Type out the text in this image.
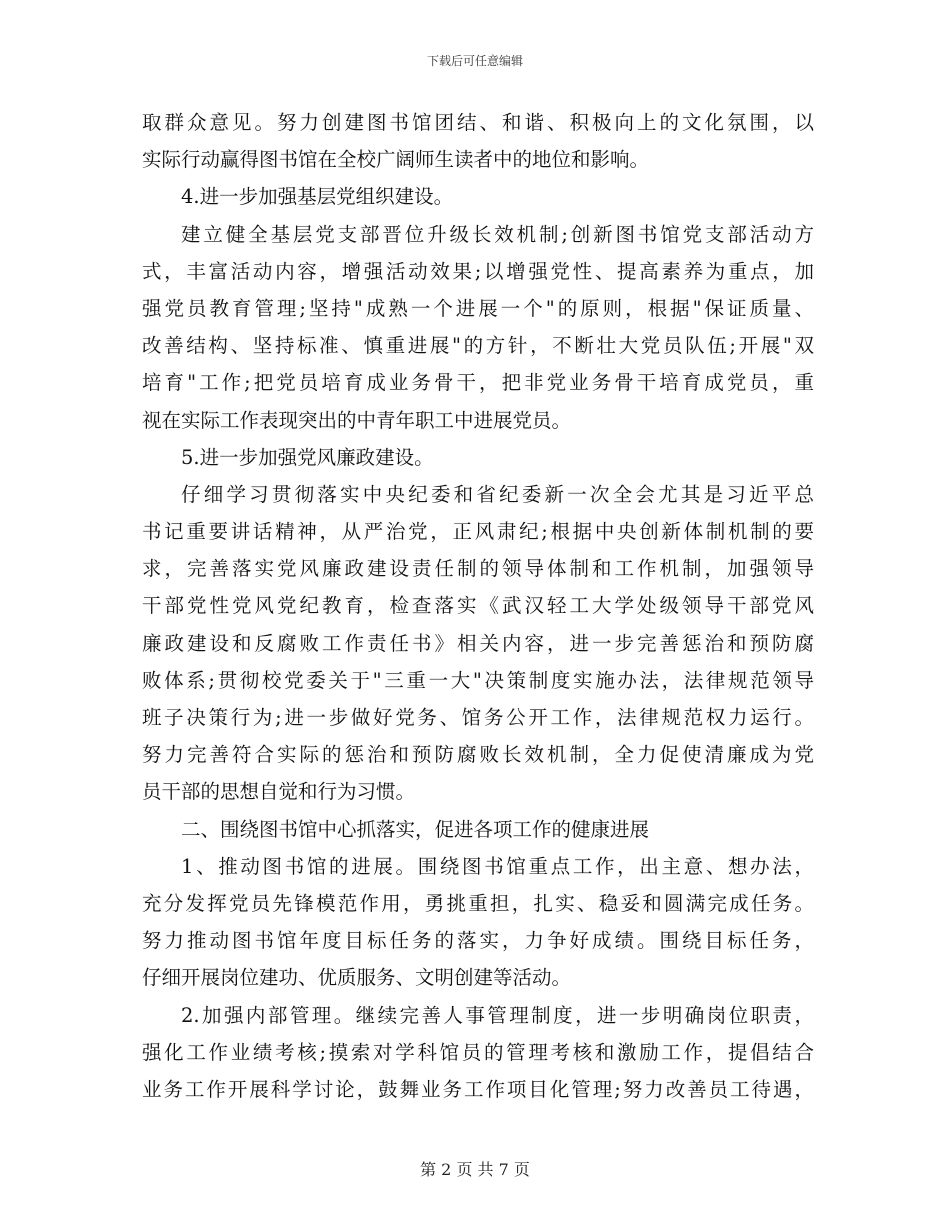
下载后可任意编辑
取群众意见。努力创建图书馆团结、和谐、积极向上的文化氛围，以
实际行动赢得图书馆在全校广阔师生读者中的地位和影响。
4.进一步加强基层党组织建设。
建立健全基层党支部晋位升级长效机制;创新图书馆党支部活动方
式，丰富活动内容，增强活动效果;以增强党性、提高素养为重点，加
强党员教育管理;坚持"成熟一个进展一个"的原则，根据"保证质量、
改善结构、坚持标准、慎重进展"的方针，不断壮大党员队伍;开展"双
培育"工作;把党员培育成业务骨干，把非党业务骨干培育成党员，重
视在实际工作表现突出的中青年职工中进展党员。
5.进一步加强党风廉政建设。
仔细学习贯彻落实中央纪委和省纪委新一次全会尤其是习近平总
书记重要讲话精神，从严治党，正风肃纪;根据中央创新体制机制的要
求，完善落实党风廉政建设责任制的领导体制和工作机制，加强领导
干部党性党风党纪教育，检查落实《武汉轻工大学处级领导干部党风
廉政建设和反腐败工作责任书》相关内容，进一步完善惩治和预防腐
败体系;贯彻校党委关于"三重一大"决策制度实施办法，法律规范领导
班子决策行为;进一步做好党务、馆务公开工作，法律规范权力运行。
努力完善符合实际的惩治和预防腐败长效机制，全力促使清廉成为党
员干部的思想自觉和行为习惯。
二、围绕图书馆中心抓落实，促进各项工作的健康进展
1、推动图书馆的进展。围绕图书馆重点工作，出主意、想办法，
充分发挥党员先锋模范作用，勇挑重担，扎实、稳妥和圆满完成任务。
努力推动图书馆年度目标任务的落实，力争好成绩。围绕目标任务，
仔细开展岗位建功、优质服务、文明创建等活动。
2.加强内部管理。继续完善人事管理制度，进一步明确岗位职责，
强化工作业绩考核;摸索对学科馆员的管理考核和激励工作，提倡结合
业务工作开展科学讨论，鼓舞业务工作项目化管理;努力改善员工待遇，
第 2 页 共 7 页
